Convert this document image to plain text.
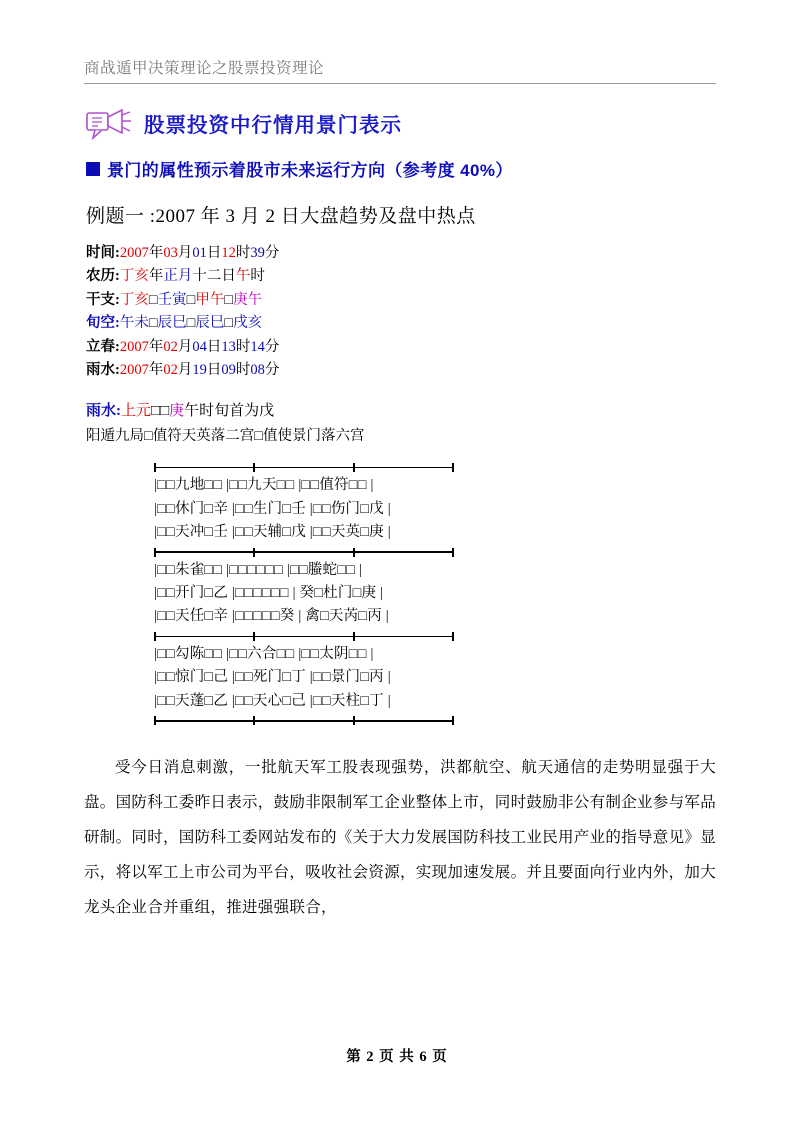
商战遁甲决策理论之股票投资理论
股票投资中行情用景门表示
景门的属性预示着股市未来运行方向（参考度 40%）
例题一 :2007 年 3 月 2 日大盘趋势及盘中热点
时间:2007年03月01日12时39分
农历:丁亥年正月十二日午时
干支:丁亥□壬寅□甲午□庚午
旬空:午未□辰巳□辰巳□戌亥
立春:2007年02月04日13时14分
雨水:2007年02月19日09时08分
雨水:上元□□庚午时旬首为戊
阳遁九局□值符天英落二宫□值使景门落六宫
|□□九地□□ |□□九天□□ |□□值符□□ |
|□□休门□辛 |□□生门□壬 |□□伤门□戊 |
|□□天冲□壬 |□□天辅□戊 |□□天英□庚 |
|□□朱雀□□ |□□□□□□ |□□螣蛇□□ |
|□□开门□乙 |□□□□□□ | 癸□杜门□庚 |
|□□天任□辛 |□□□□□癸 | 禽□天芮□丙 |
|□□勾陈□□ |□□六合□□ |□□太阴□□ |
|□□惊门□己 |□□死门□丁 |□□景门□丙 |
|□□天蓬□乙 |□□天心□己 |□□天柱□丁 |
受今日消息刺激，一批航天军工股表现强势，洪都航空、航天通信的走势明显强于大盘。国防科工委昨日表示，鼓励非限制军工企业整体上市，同时鼓励非公有制企业参与军品研制。同时，国防科工委网站发布的《关于大力发展国防科技工业民用产业的指导意见》显示，将以军工上市公司为平台，吸收社会资源，实现加速发展。并且要面向行业内外，加大龙头企业合并重组，推进强强联合，
第 2 页 共 6 页
